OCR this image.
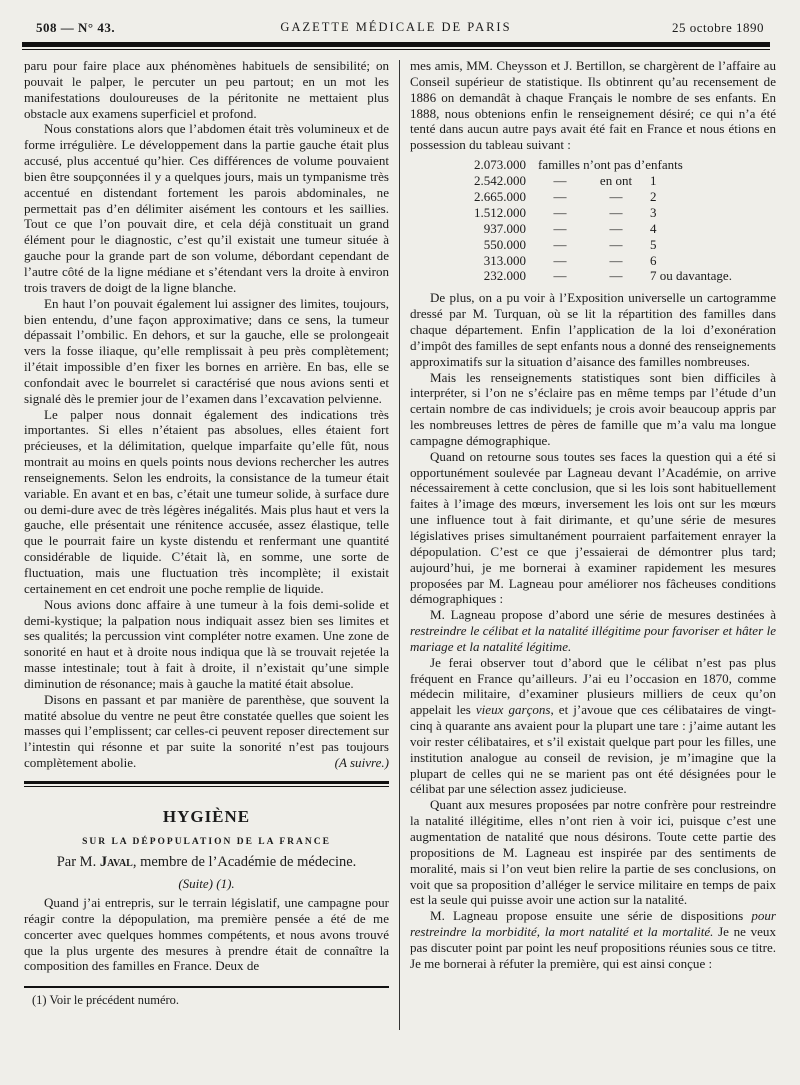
508 — N° 43.	GAZETTE MÉDICALE DE PARIS	25 octobre 1890

paru pour faire place aux phénomènes habituels de sensibilité; on pouvait le palper, le percuter un peu partout; en un mot les manifestations douloureuses de la péritonite ne mettaient plus obstacle aux examens superficiel et profond.

Nous constations alors que l’abdomen était très volumineux et de forme irrégulière. Le développement dans la partie gauche était plus accusé, plus accentué qu’hier. Ces différences de volume pouvaient bien être soupçonnées il y a quelques jours, mais un tympanisme très accentué en distendant fortement les parois abdominales, ne permettait pas d’en délimiter aisément les contours et les saillies. Tout ce que l’on pouvait dire, et cela déjà constituait un grand élément pour le diagnostic, c’est qu’il existait une tumeur située à gauche pour la grande part de son volume, débordant cependant de l’autre côté de la ligne médiane et s’étendant vers la droite à environ trois travers de doigt de la ligne blanche.

En haut l’on pouvait également lui assigner des limites, toujours, bien entendu, d’une façon approximative; dans ce sens, la tumeur dépassait l’ombilic. En dehors, et sur la gauche, elle se prolongeait vers la fosse iliaque, qu’elle remplissait à peu près complètement; il’était impossible d’en fixer les bornes en arrière. En bas, elle se confondait avec le bourrelet si caractérisé que nous avions senti et signalé dès le premier jour de l’examen dans l’excavation pelvienne.

Le palper nous donnait également des indications très importantes. Si elles n’étaient pas absolues, elles étaient fort précieuses, et la délimitation, quelque imparfaite qu’elle fût, nous montrait au moins en quels points nous devions rechercher les autres renseignements. Selon les endroits, la consistance de la tumeur était variable. En avant et en bas, c’était une tumeur solide, à surface dure ou demi-dure avec de très légères inégalités. Mais plus haut et vers la gauche, elle présentait une rénitence accusée, assez élastique, telle que le pourrait faire un kyste distendu et renfermant une quantité considérable de liquide. C’était là, en somme, une sorte de fluctuation, mais une fluctuation très incomplète; il existait certainement en cet endroit une poche remplie de liquide.

Nous avions donc affaire à une tumeur à la fois demi-solide et demi-kystique; la palpation nous indiquait assez bien ses limites et ses qualités; la percussion vint compléter notre examen. Une zone de sonorité en haut et à droite nous indiqua que là se trouvait rejetée la masse intestinale; tout à fait à droite, il n’existait qu’une simple diminution de résonance; mais à gauche la matité était absolue.

Disons en passant et par manière de parenthèse, que souvent la matité absolue du ventre ne peut être constatée quelles que soient les masses qui l’emplissent; car celles-ci peuvent reposer directement sur l’intestin qui résonne et par suite la sonorité n’est pas toujours complètement abolie.	(A suivre.)

HYGIÈNE
SUR LA DÉPOPULATION DE LA FRANCE
Par M. Javal, membre de l’Académie de médecine.
(Suite) (1).

Quand j’ai entrepris, sur le terrain législatif, une campagne pour réagir contre la dépopulation, ma première pensée a été de me concerter avec quelques hommes compétents, et nous avons trouvé que la plus urgente des mesures à prendre était de connaître la composition des familles en France. Deux de

(1) Voir le précédent numéro.

mes amis, MM. Cheysson et J. Bertillon, se chargèrent de l’affaire au Conseil supérieur de statistique. Ils obtinrent qu’au recensement de 1886 on demandât à chaque Français le nombre de ses enfants. En 1888, nous obtenions enfin le renseignement désiré; ce qui n’a été tenté dans aucun autre pays avait été fait en France et nous étions en possession du tableau suivant :

2.073.000	familles n’ont pas d’enfants		
2.542.000	—	en ont	1
2.665.000	—	—	2
1.512.000	—	—	3
937.000	—	—	4
550.000	—	—	5
313.000	—	—	6
232.000	—	—	7 ou davantage.

De plus, on a pu voir à l’Exposition universelle un cartogramme dressé par M. Turquan, où se lit la répartition des familles dans chaque département. Enfin l’application de la loi d’exonération d’impôt des familles de sept enfants nous a donné des renseignements approximatifs sur la situation d’aisance des familles nombreuses.

Mais les renseignements statistiques sont bien difficiles à interpréter, si l’on ne s’éclaire pas en même temps par l’étude d’un certain nombre de cas individuels; je crois avoir beaucoup appris par les nombreuses lettres de pères de famille que m’a valu ma longue campagne démographique.

Quand on retourne sous toutes ses faces la question qui a été si opportunément soulevée par Lagneau devant l’Académie, on arrive nécessairement à cette conclusion, que si les lois sont habituellement faites à l’image des mœurs, inversement les lois ont sur les mœurs une influence tout à fait dirimante, et qu’une série de mesures législatives prises simultanément pourraient parfaitement enrayer la dépopulation. C’est ce que j’essaierai de démontrer plus tard; aujourd’hui, je me bornerai à examiner rapidement les mesures proposées par M. Lagneau pour améliorer nos fâcheuses conditions démographiques :

M. Lagneau propose d’abord une série de mesures destinées à restreindre le célibat et la natalité illégitime pour favoriser et hâter le mariage et la natalité légitime.

Je ferai observer tout d’abord que le célibat n’est pas plus fréquent en France qu’ailleurs. J’ai eu l’occasion en 1870, comme médecin militaire, d’examiner plusieurs milliers de ceux qu’on appelait les vieux garçons, et j’avoue que ces célibataires de vingt-cinq à quarante ans avaient pour la plupart une tare : j’aime autant les voir rester célibataires, et s’il existait quelque part pour les filles, une institution analogue au conseil de revision, je m’imagine que la plupart de celles qui ne se marient pas ont été désignées pour le célibat par une sélection assez judicieuse.

Quant aux mesures proposées par notre confrère pour restreindre la natalité illégitime, elles n’ont rien à voir ici, puisque c’est une augmentation de natalité que nous désirons. Toute cette partie des propositions de M. Lagneau est inspirée par des sentiments de moralité, mais si l’on veut bien relire la partie de ses conclusions, on voit que sa proposition d’alléger le service militaire en temps de paix est la seule qui puisse avoir une action sur la natalité.

M. Lagneau propose ensuite une série de dispositions pour restreindre la morbidité, la mort natalité et la mortalité. Je ne veux pas discuter point par point les neuf propositions réunies sous ce titre. Je me bornerai à réfuter la première, qui est ainsi conçue :
